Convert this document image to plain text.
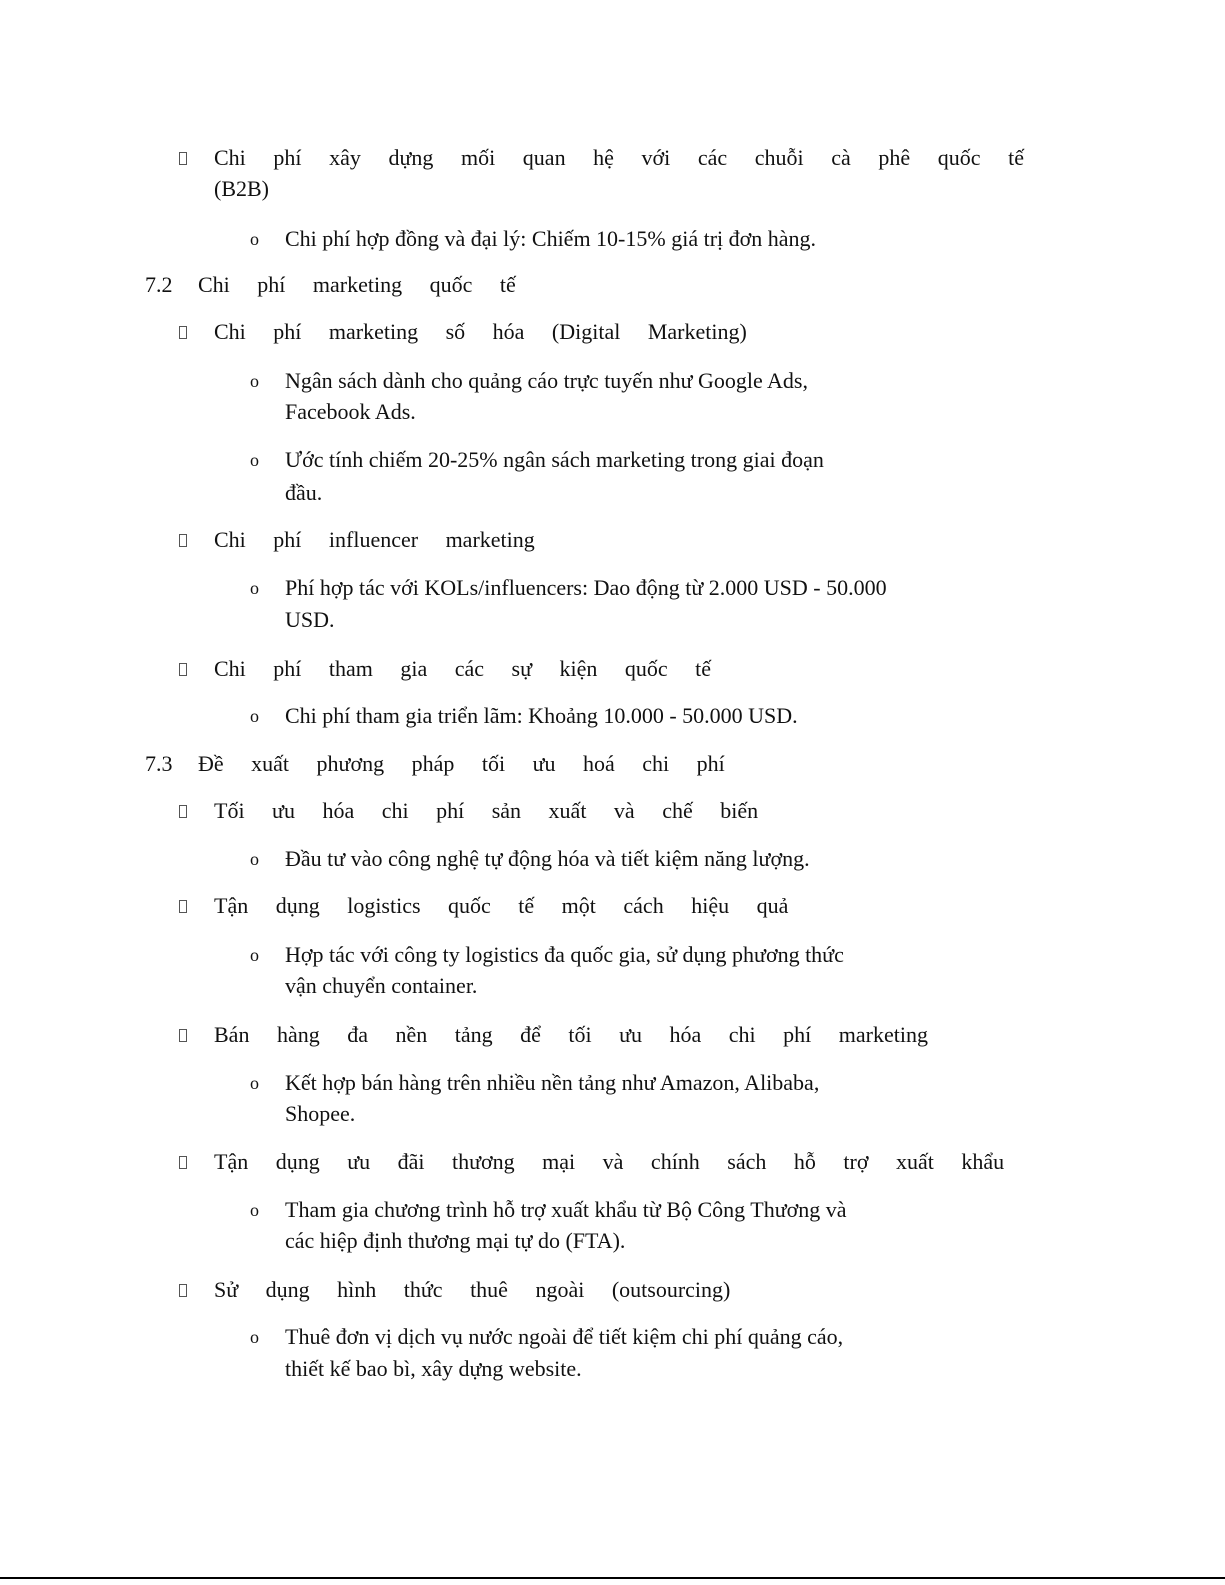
Chi phí xây dựng mối quan hệ với các chuỗi cà phê quốc tế
(B2B)
o Chi phí hợp đồng và đại lý: Chiếm 10-15% giá trị đơn hàng.
7.2 Chi phí marketing quốc tế
Chi phí marketing số hóa (Digital Marketing)
o Ngân sách dành cho quảng cáo trực tuyến như Google Ads,
Facebook Ads.
o Ước tính chiếm 20-25% ngân sách marketing trong giai đoạn
đầu.
Chi phí influencer marketing
o Phí hợp tác với KOLs/influencers: Dao động từ 2.000 USD - 50.000
USD.
Chi phí tham gia các sự kiện quốc tế
o Chi phí tham gia triển lãm: Khoảng 10.000 - 50.000 USD.
7.3 Đề xuất phương pháp tối ưu hoá chi phí
Tối ưu hóa chi phí sản xuất và chế biến
o Đầu tư vào công nghệ tự động hóa và tiết kiệm năng lượng.
Tận dụng logistics quốc tế một cách hiệu quả
o Hợp tác với công ty logistics đa quốc gia, sử dụng phương thức
vận chuyển container.
Bán hàng đa nền tảng để tối ưu hóa chi phí marketing
o Kết hợp bán hàng trên nhiều nền tảng như Amazon, Alibaba,
Shopee.
Tận dụng ưu đãi thương mại và chính sách hỗ trợ xuất khẩu
o Tham gia chương trình hỗ trợ xuất khẩu từ Bộ Công Thương và
các hiệp định thương mại tự do (FTA).
Sử dụng hình thức thuê ngoài (outsourcing)
o Thuê đơn vị dịch vụ nước ngoài để tiết kiệm chi phí quảng cáo,
thiết kế bao bì, xây dựng website.
